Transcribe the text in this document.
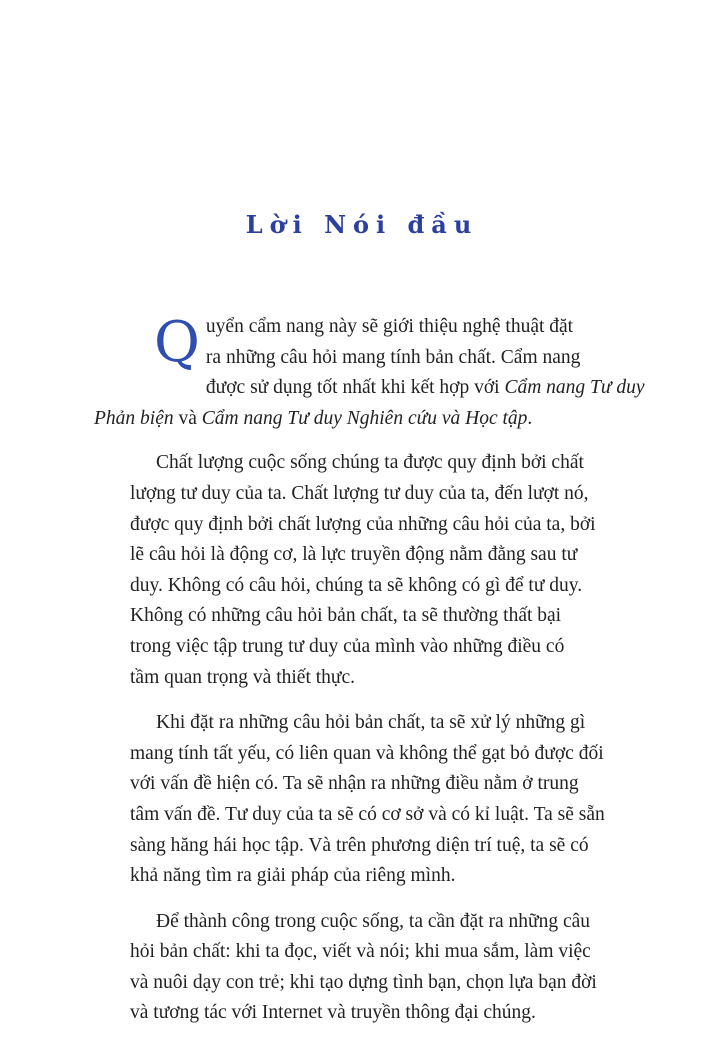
Lời Nói đầu
Q uyển cẩm nang này sẽ giới thiệu nghệ thuật đặt
ra những câu hỏi mang tính bản chất. Cẩm nang
được sử dụng tốt nhất khi kết hợp với Cẩm nang Tư duy
Phản biện và Cẩm nang Tư duy Nghiên cứu và Học tập.
Chất lượng cuộc sống chúng ta được quy định bởi chất
lượng tư duy của ta. Chất lượng tư duy của ta, đến lượt nó,
được quy định bởi chất lượng của những câu hỏi của ta, bởi
lẽ câu hỏi là động cơ, là lực truyền động nằm đằng sau tư
duy. Không có câu hỏi, chúng ta sẽ không có gì để tư duy.
Không có những câu hỏi bản chất, ta sẽ thường thất bại
trong việc tập trung tư duy của mình vào những điều có
tầm quan trọng và thiết thực.
Khi đặt ra những câu hỏi bản chất, ta sẽ xử lý những gì
mang tính tất yếu, có liên quan và không thể gạt bỏ được đối
với vấn đề hiện có. Ta sẽ nhận ra những điều nằm ở trung
tâm vấn đề. Tư duy của ta sẽ có cơ sở và có kỉ luật. Ta sẽ sẵn
sàng hăng hái học tập. Và trên phương diện trí tuệ, ta sẽ có
khả năng tìm ra giải pháp của riêng mình.
Để thành công trong cuộc sống, ta cần đặt ra những câu
hỏi bản chất: khi ta đọc, viết và nói; khi mua sắm, làm việc
và nuôi dạy con trẻ; khi tạo dựng tình bạn, chọn lựa bạn đời
và tương tác với Internet và truyền thông đại chúng.
